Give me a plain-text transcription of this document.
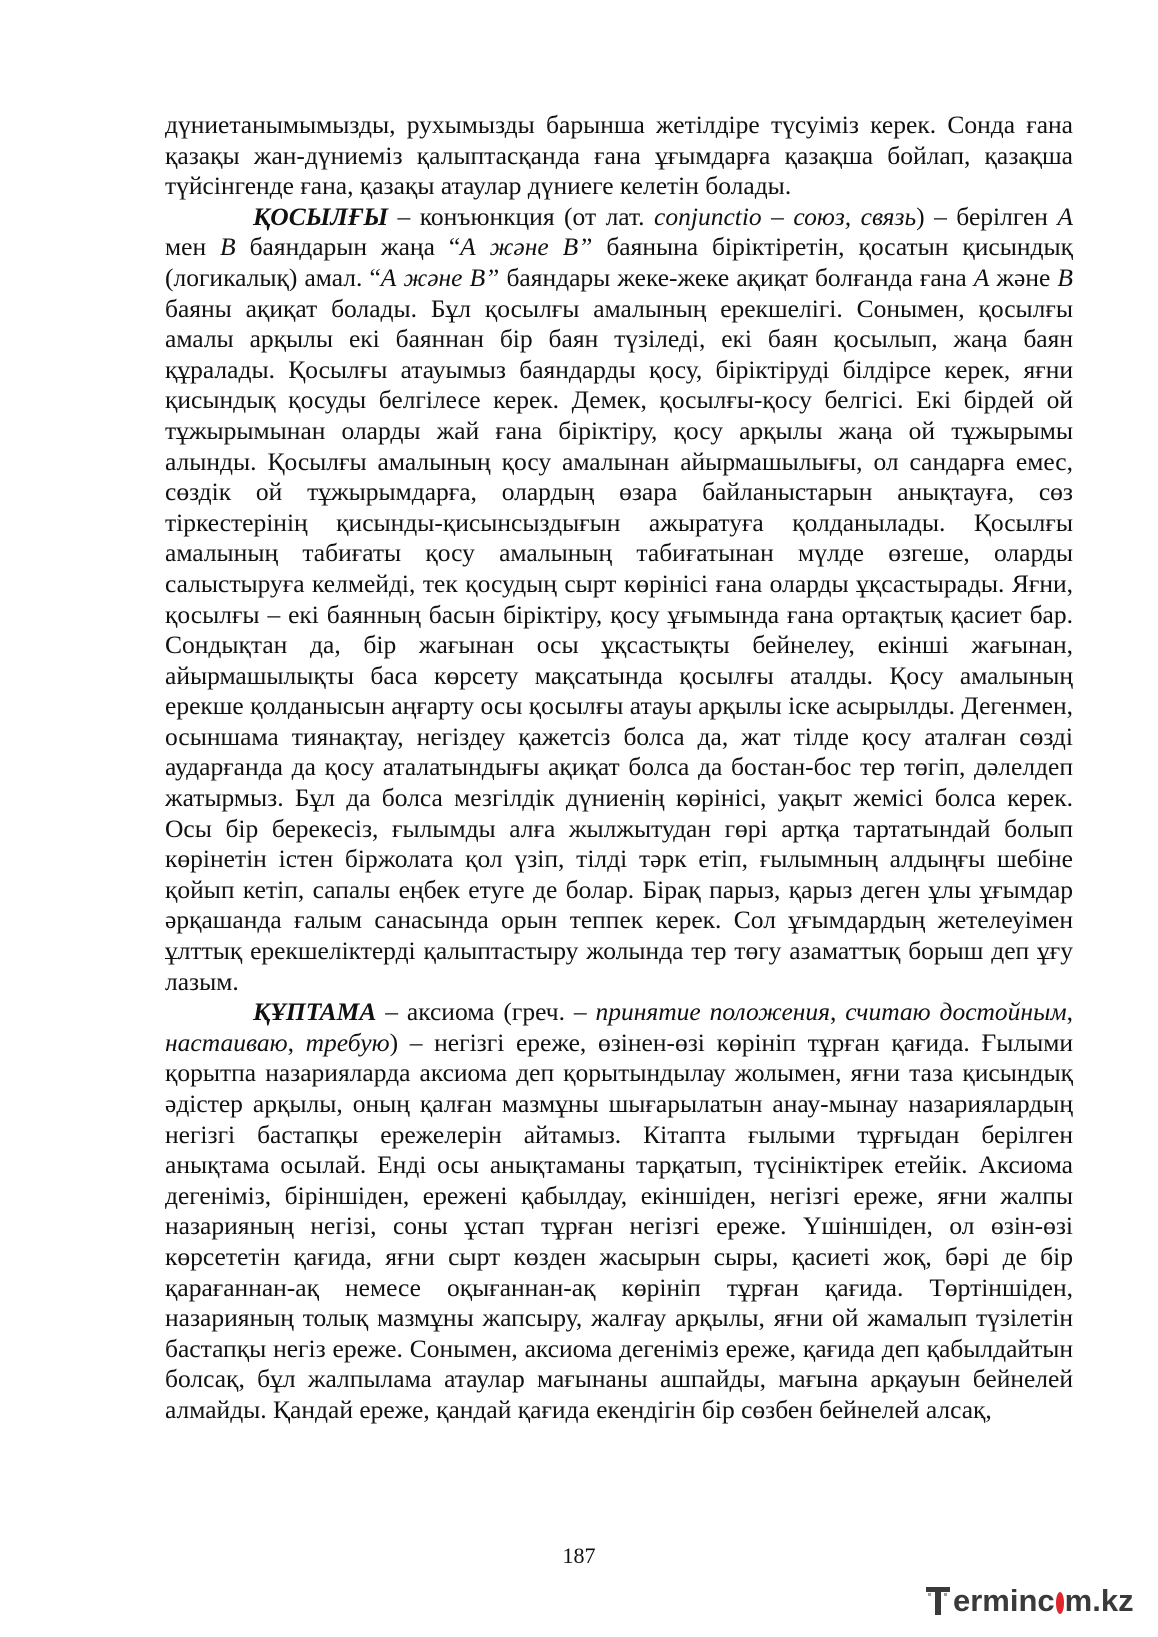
дүниетанымымызды, рухымызды барынша жетілдіре түсуіміз керек. Сонда ғана қазақы жан-дүниеміз қалыптасқанда ғана ұғымдарға қазақша бойлап, қазақша түйсінгенде ғана, қазақы атаулар дүниеге келетін болады.

ҚОСЫЛҒЫ – конъюнкция (от лат. conjunctio – союз, связь) – берілген А мен В баяндарын жаңа “А және В” баянына біріктіретін, қосатын қисындық (логикалық) амал. “А және В” баяндары жеке-жеке ақиқат болғанда ғана А және В баяны ақиқат болады. Бұл қосылғы амалының ерекшелігі. Сонымен, қосылғы амалы арқылы екі баяннан бір баян түзіледі, екі баян қосылып, жаңа баян құралады. Қосылғы атауымыз баяндарды қосу, біріктіруді білдірсе керек, яғни қисындық қосуды белгілесе керек. Демек, қосылғы-қосу белгісі. Екі бірдей ой тұжырымынан оларды жай ғана біріктіру, қосу арқылы жаңа ой тұжырымы алынды. Қосылғы амалының қосу амалынан айырмашылығы, ол сандарға емес, сөздік ой тұжырымдарға, олардың өзара байланыстарын анықтауға, сөз тіркестерінің қисынды-қисынсыздығын ажыратуға қолданылады. Қосылғы амалының табиғаты қосу амалының табиғатынан мүлде өзгеше, оларды салыстыруға келмейді, тек қосудың сырт көрінісі ғана оларды ұқсастырады. Яғни, қосылғы – екі баянның басын біріктіру, қосу ұғымында ғана ортақтық қасиет бар. Сондықтан да, бір жағынан осы ұқсастықты бейнелеу, екінші жағынан, айырмашылықты баса көрсету мақсатында қосылғы аталды. Қосу амалының ерекше қолданысын аңғарту осы қосылғы атауы арқылы іске асырылды. Дегенмен, осыншама тиянақтау, негіздеу қажетсіз болса да, жат тілде қосу аталған сөзді аударғанда да қосу аталатындығы ақиқат болса да бостан-бос тер төгіп, дәлелдеп жатырмыз. Бұл да болса мезгілдік дүниенің көрінісі, уақыт жемісі болса керек. Осы бір берекесіз, ғылымды алға жылжытудан гөрі артқа тартатындай болып көрінетін істен біржолата қол үзіп, тілді тәрк етіп, ғылымның алдыңғы шебіне қойып кетіп, сапалы еңбек етуге де болар. Бірақ парыз, қарыз деген ұлы ұғымдар әрқашанда ғалым санасында орын теппек керек. Сол ұғымдардың жетелеуімен ұлттық ерекшеліктерді қалыптастыру жолында тер төгу азаматтық борыш деп ұғу лазым.

ҚҰПТАМА – аксиома (греч. – принятие положения, считаю достойным, настаиваю, требую) – негізгі ереже, өзінен-өзі көрініп тұрған қағида. Ғылыми қорытпа назарияларда аксиома деп қорытындылау жолымен, яғни таза қисындық әдістер арқылы, оның қалған мазмұны шығарылатын анау-мынау назариялардың негізгі бастапқы ережелерін айтамыз. Кітапта ғылыми тұрғыдан берілген анықтама осылай. Енді осы анықтаманы тарқатып, түсініктірек етейік. Аксиома дегеніміз, біріншіден, ережені қабылдау, екіншіден, негізгі ереже, яғни жалпы назарияның негізі, соны ұстап тұрған негізгі ереже. Үшіншіден, ол өзін-өзі көрсететін қағида, яғни сырт көзден жасырын сыры, қасиеті жоқ, бәрі де бір қарағаннан-ақ немесе оқығаннан-ақ көрініп тұрған қағида. Төртіншіден, назарияның толық мазмұны жапсыру, жалғау арқылы, яғни ой жамалып түзілетін бастапқы негіз ереже. Сонымен, аксиома дегеніміз ереже, қағида деп қабылдайтын болсақ, бұл жалпылама атаулар мағынаны ашпайды, мағына арқауын бейнелей алмайды. Қандай ереже, қандай қағида екендігін бір сөзбен бейнелей алсақ,

187
ermin c m.kz
